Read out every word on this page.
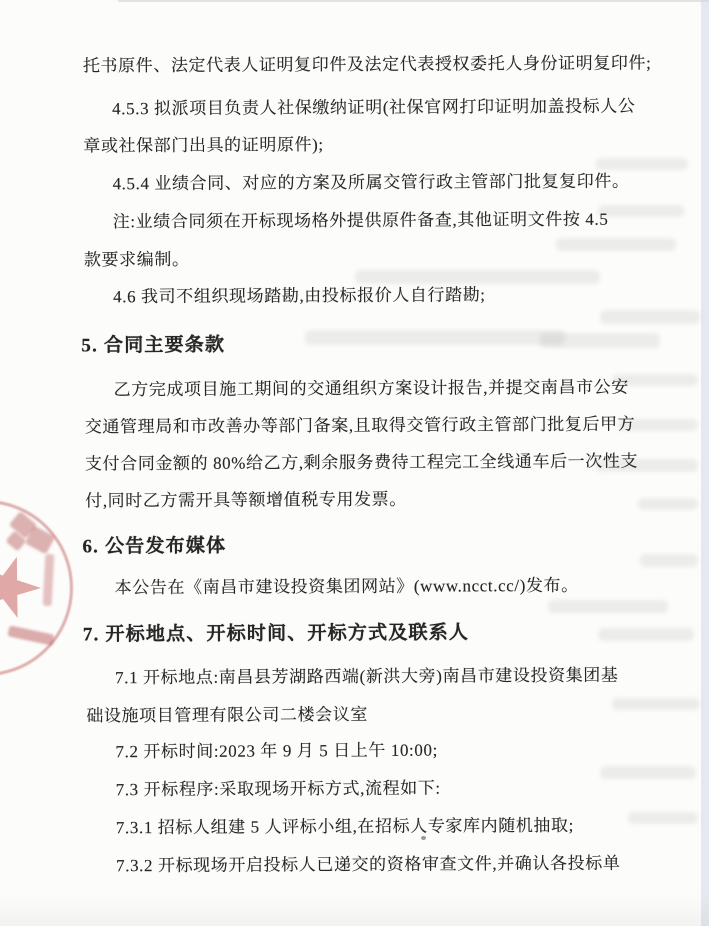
托书原件、法定代表人证明复印件及法定代表授权委托人身份证明复印件;
4.5.3 拟派项目负责人社保缴纳证明(社保官网打印证明加盖投标人公
章或社保部门出具的证明原件);
4.5.4 业绩合同、对应的方案及所属交管行政主管部门批复复印件。
注:业绩合同须在开标现场格外提供原件备查,其他证明文件按 4.5
款要求编制。
4.6 我司不组织现场踏勘,由投标报价人自行踏勘;
5. 合同主要条款
乙方完成项目施工期间的交通组织方案设计报告,并提交南昌市公安
交通管理局和市改善办等部门备案,且取得交管行政主管部门批复后甲方
支付合同金额的 80%给乙方,剩余服务费待工程完工全线通车后一次性支
付,同时乙方需开具等额增值税专用发票。
6. 公告发布媒体
本公告在《南昌市建设投资集团网站》(www.ncct.cc/)发布。
7. 开标地点、开标时间、开标方式及联系人
7.1 开标地点:南昌县芳湖路西端(新洪大旁)南昌市建设投资集团基
础设施项目管理有限公司二楼会议室
7.2 开标时间:2023 年 9 月 5 日上午 10:00;
7.3 开标程序:采取现场开标方式,流程如下:
7.3.1 招标人组建 5 人评标小组,在招标人专家库内随机抽取;
7.3.2 开标现场开启投标人已递交的资格审查文件,并确认各投标单
